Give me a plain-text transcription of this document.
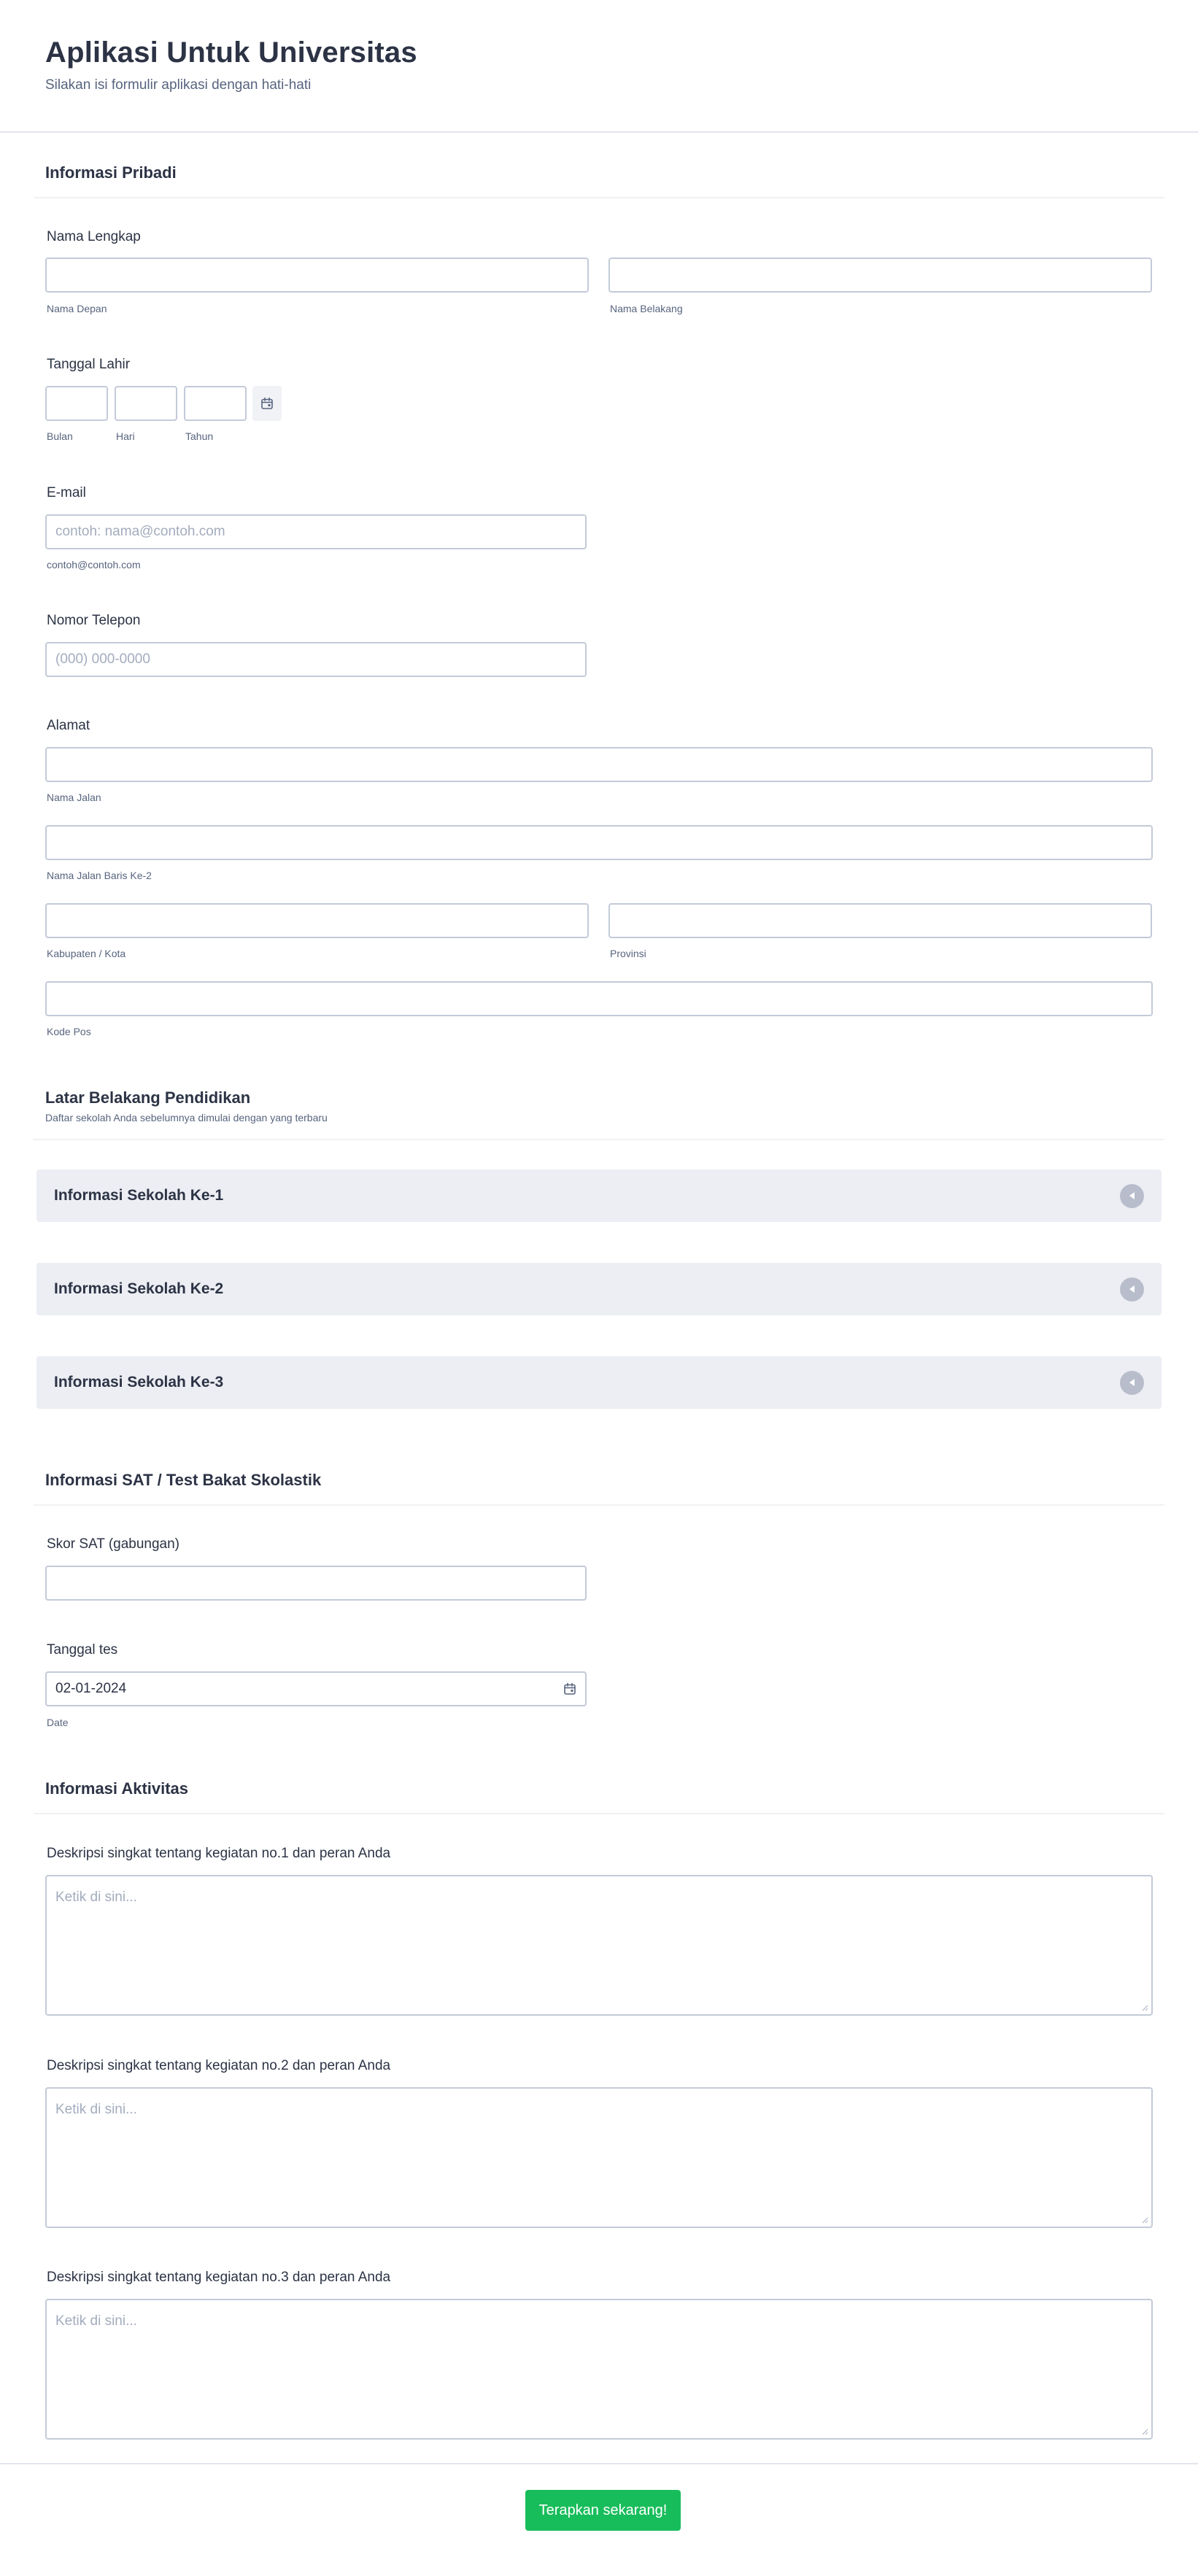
Aplikasi Untuk Universitas
Silakan isi formulir aplikasi dengan hati-hati
Informasi Pribadi
Nama Lengkap
Nama Depan	Nama Belakang
Tanggal Lahir
Bulan	Hari	Tahun
E-mail
contoh: nama@contoh.com
contoh@contoh.com
Nomor Telepon
(000) 000-0000
Alamat
Nama Jalan
Nama Jalan Baris Ke-2
Kabupaten / Kota	Provinsi
Kode Pos
Latar Belakang Pendidikan
Daftar sekolah Anda sebelumnya dimulai dengan yang terbaru
Informasi Sekolah Ke-1
Informasi Sekolah Ke-2
Informasi Sekolah Ke-3
Informasi SAT / Test Bakat Skolastik
Skor SAT (gabungan)
Tanggal tes
02-01-2024
Date
Informasi Aktivitas
Deskripsi singkat tentang kegiatan no.1 dan peran Anda
Ketik di sini...
Deskripsi singkat tentang kegiatan no.2 dan peran Anda
Ketik di sini...
Deskripsi singkat tentang kegiatan no.3 dan peran Anda
Ketik di sini...
Terapkan sekarang!
